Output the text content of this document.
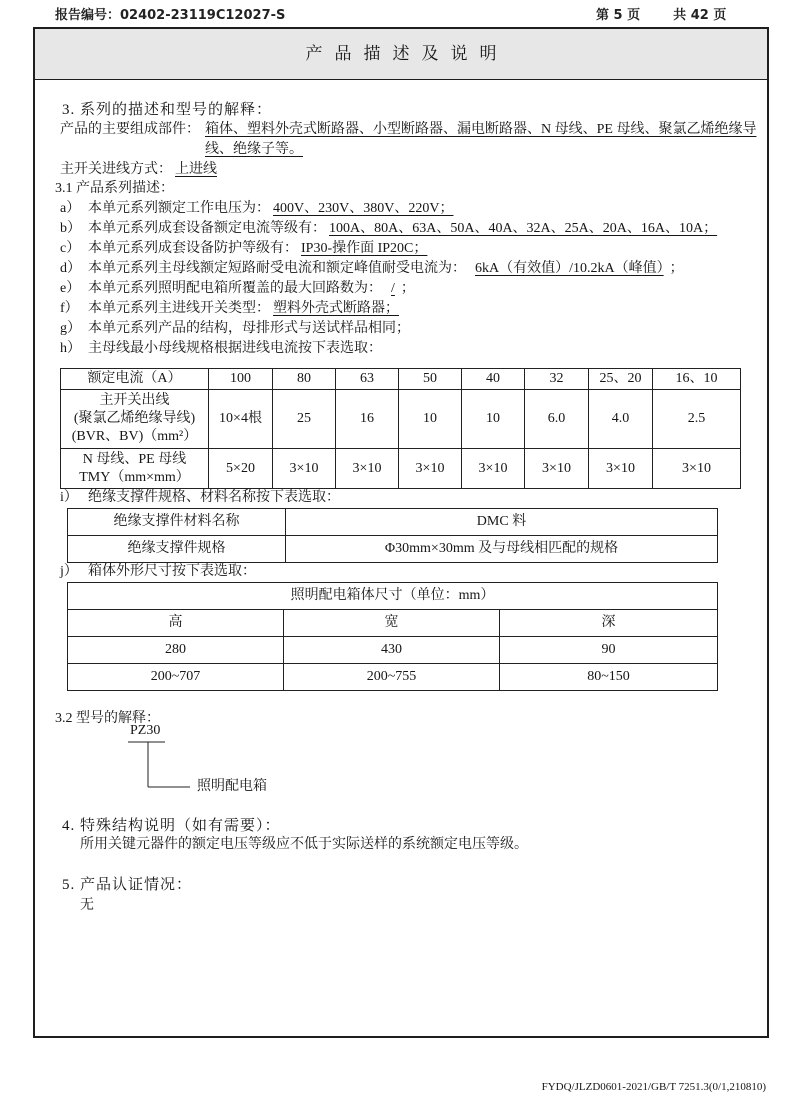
报告编号：02402-23119C12027-S	第 5 页	共 42 页
产品描述及说明
3. 系列的描述和型号的解释：
产品的主要组成部件： 箱体、塑料外壳式断路器、小型断路器、漏电断路器、N 母线、PE 母线、聚氯乙烯绝缘导线、绝缘子等。
主开关进线方式： 上进线
3.1 产品系列描述：
a） 本单元系列额定工作电压为： 400V、230V、380V、220V；
b） 本单元系列成套设备额定电流等级有： 100A、80A、63A、50A、40A、32A、25A、20A、16A、10A；
c） 本单元系列成套设备防护等级有： IP30-操作面 IP20C；
d） 本单元系列主母线额定短路耐受电流和额定峰值耐受电流为： 6kA（有效值）/10.2kA（峰值） ；
e） 本单元系列照明配电箱所覆盖的最大回路数为： / ；
f） 本单元系列主进线开关类型： 塑料外壳式断路器；
g） 本单元系列产品的结构，母排形式与送试样品相同；
h） 主母线最小母线规格根据进线电流按下表选取：
额定电流（A）	100	80	63	50	40	32	25、20	16、10

主开关出线
(聚氯乙烯绝缘导线)
(BVR、BV)（mm²）	10×4根	25	16	10	10	6.0	4.0	2.5

N 母线、PE 母线
TMY（mm×mm）	5×20	3×10	3×10	3×10	3×10	3×10	3×10	3×10
i） 绝缘支撑件规格、材料名称按下表选取：
绝缘支撑件材料名称	DMC 料
绝缘支撑件规格	Φ30mm×30mm 及与母线相匹配的规格
j） 箱体外形尺寸按下表选取：
照明配电箱体尺寸（单位：mm）		
高	宽	深
280	430	90
200~707	200~755	80~150
3.2 型号的解释：
PZ30
照明配电箱
4. 特殊结构说明（如有需要）：
所用关键元器件的额定电压等级应不低于实际送样的系统额定电压等级。
5. 产品认证情况：
无
FYDQ/JLZD0601-2021/GB/T 7251.3(0/1,210810)
